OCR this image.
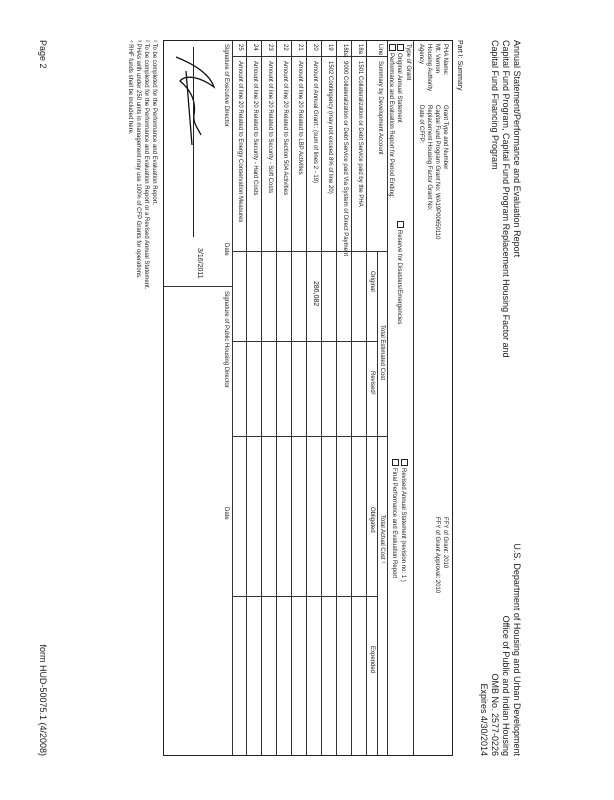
Annual Statement/Performance and Evaluation Report
Capital Fund Program, Capital Fund Program Replacement Housing Factor and
Capital Fund Financing Program
U.S. Department of Housing and Urban Development
Office of Public and Indian Housing
OMB No. 2577-0226
Expires 4/30/2014
Part I: Summary
PHA Name:
Mt. Vernon
Housing Authority
Agency
Grant Type and Number
Capital Fund Program Grant No: WA19P00650110
Replacement Housing Factor Grant No:
Date of CFFP:
FFY of Grant: 2010
FFY of Grant Approval: 2010
Type of Grant
Original Annual Statement
Reserve for Disasters/Emergencies
Revised Annual Statement (revision no: 1 )
Performance and Evaluation Report for Period Ending:
Final Performance and Evaluation Report
Line
Summary by Development Account
Total Estimated Cost
Total Actual Cost ¹
Original
Revised²
Obligated
Expended
18a
1501 Collateralization or Debt Service paid by the PHA
18ba
9000 Collateralization or Debt Service paid Via System of Direct Payment
19
1502 Contingency (may not exceed 8% of line 20)
20
Amount of Annual Grant:: (sum of lines 2 - 19)
286,082
21
Amount of line 20 Related to LBP Activities
22
Amount of line 20 Related to Section 504 Activities
23
Amount of line 20 Related to Security - Soft Costs
24
Amount of line 20 Related to Security - Hard Costs
25
Amount of line 20 Related to Energy Conservation Measures
Signature of Executive Director
Date
3/16/2011
Signature of Public Housing Director
Date
¹ To be completed for the Performance and Evaluation Report.
² To be completed for the Performance and Evaluation Report or a Revised Annual Statement.
³ PHAs with under 250 units in management may use 100% of CFP Grants for operations.
⁴ RHF funds shall be included here.
Page 2
form HUD-50075.1 (4/2008)
